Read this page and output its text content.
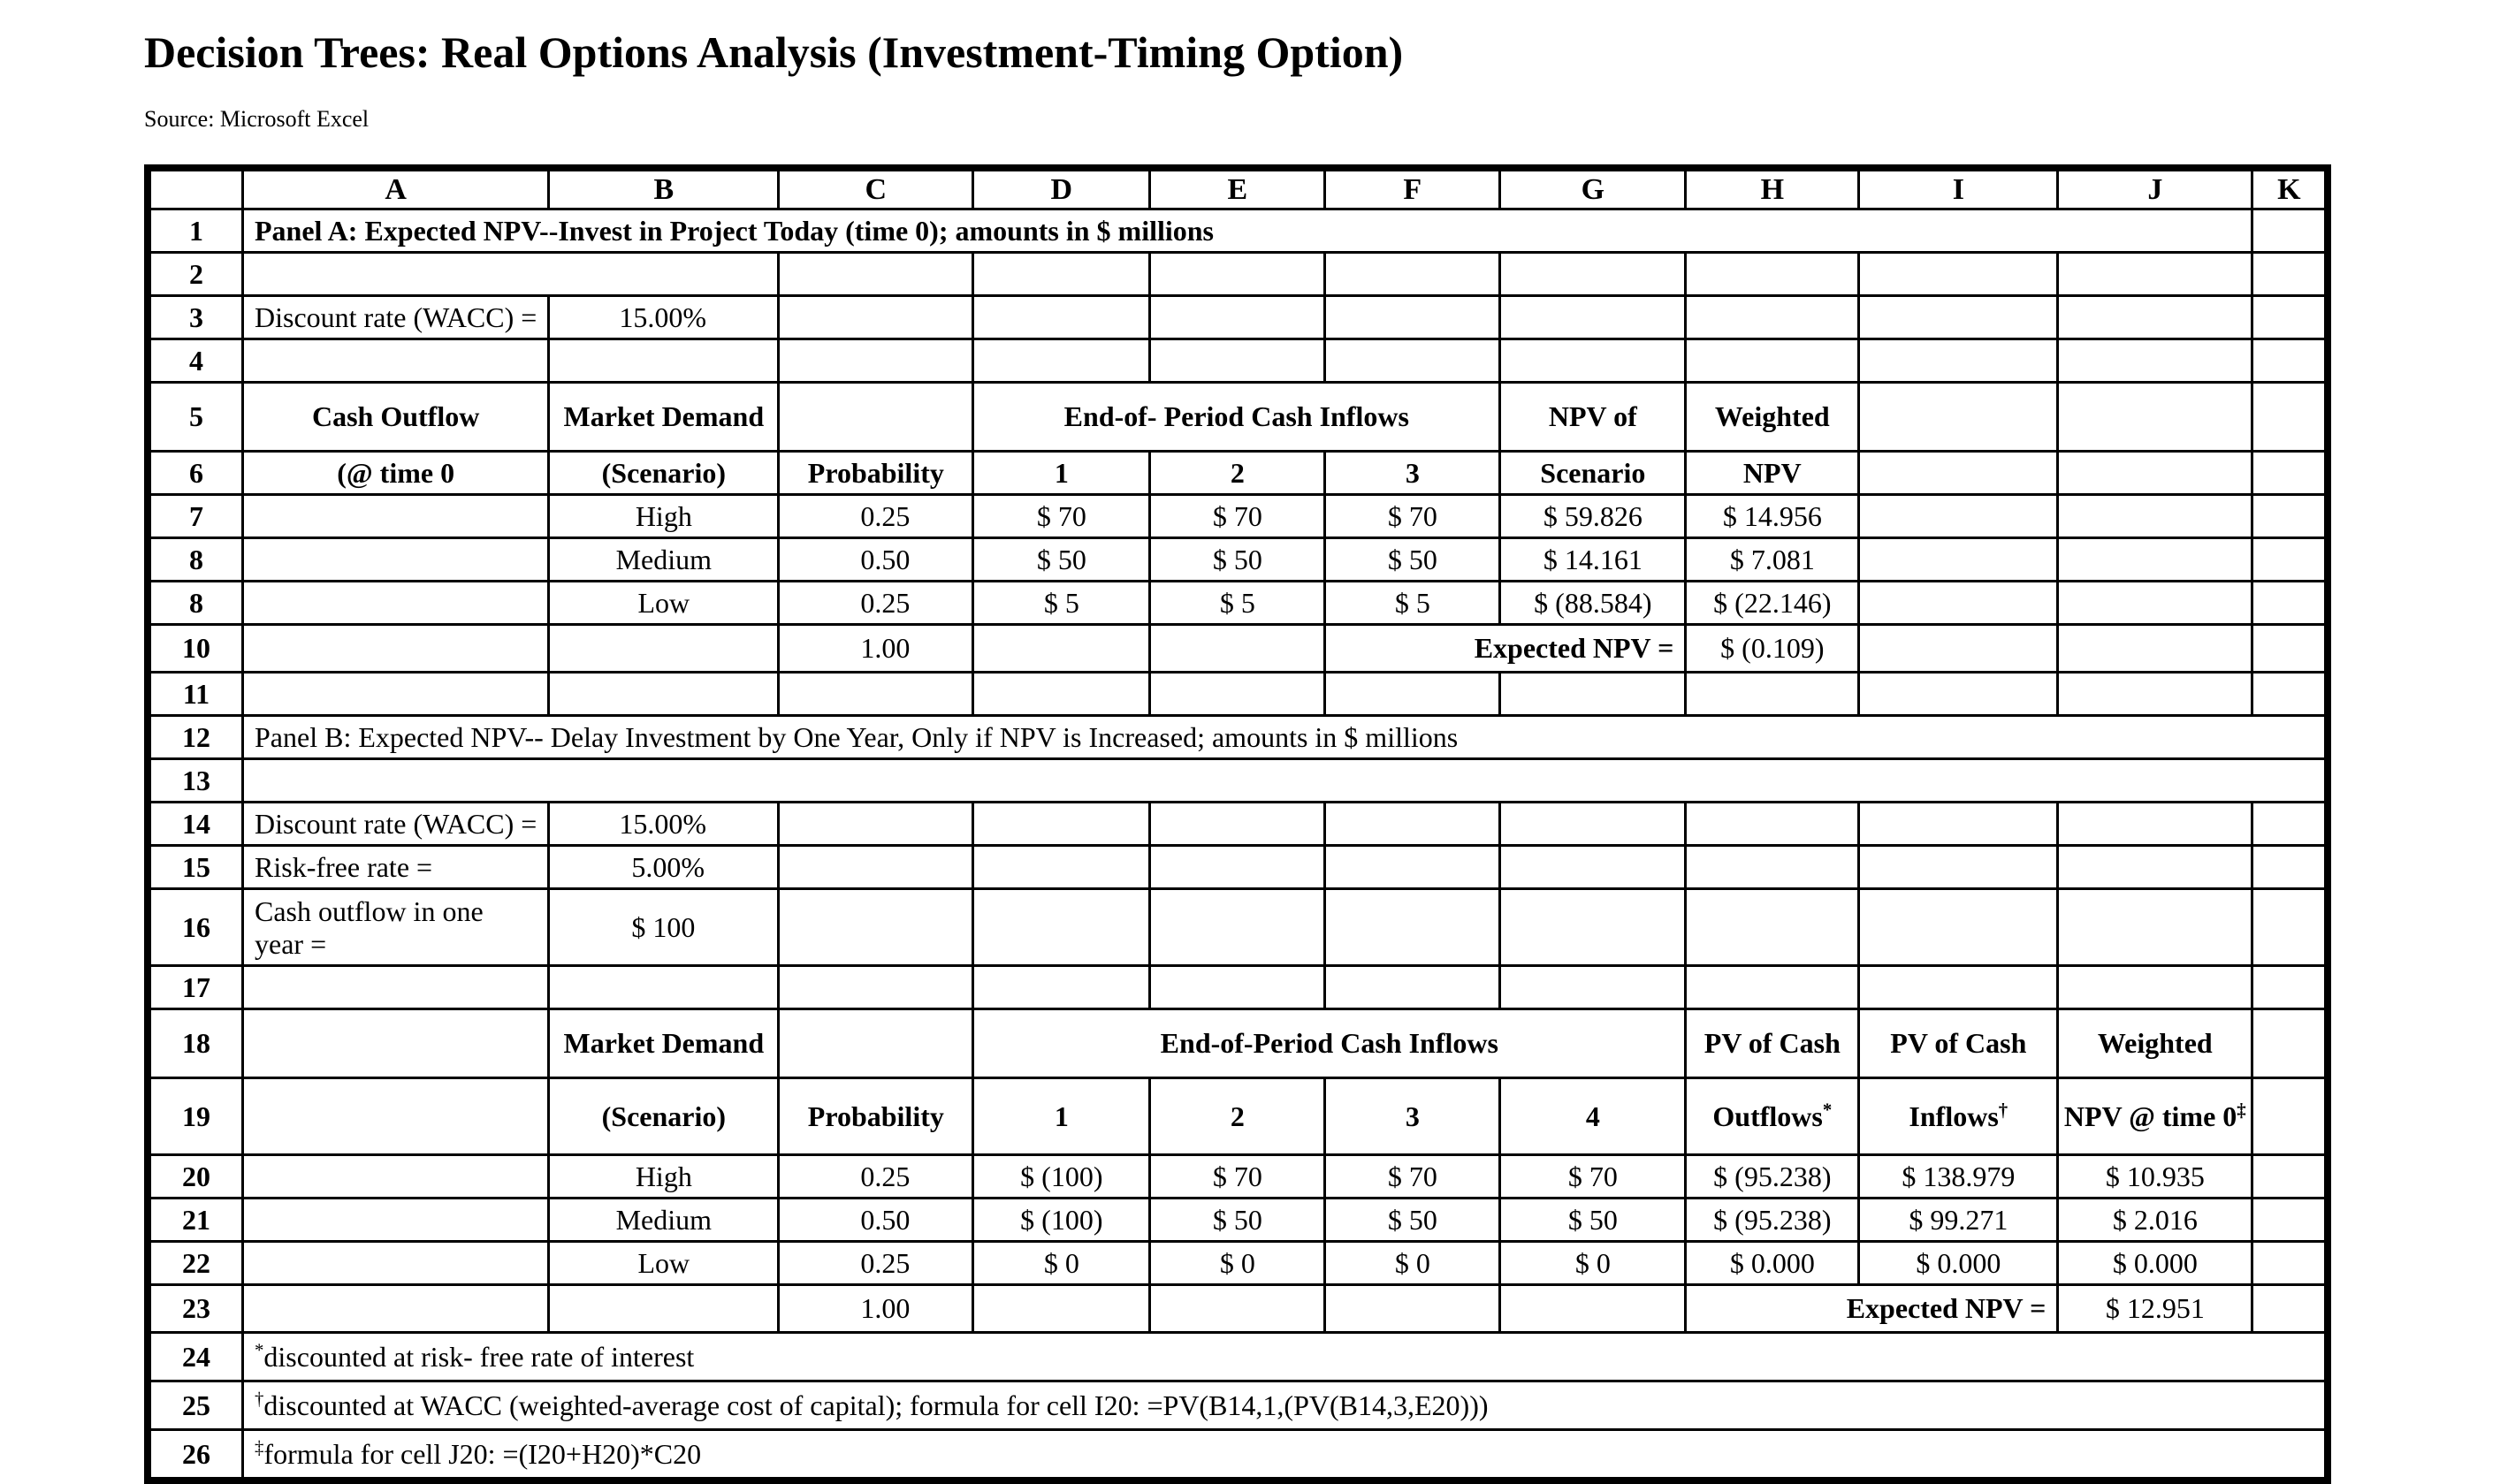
Decision Trees: Real Options Analysis (Investment-Timing Option)
Source: Microsoft Excel
	A	B	C	D	E	F	G	H	I	J	K
1	Panel A: Expected NPV--Invest in Project Today (time 0); amounts in $ millions										
2											
3	Discount rate (WACC) =	15.00%									
4											
5	Cash Outflow	Market Demand		End-of- Period Cash Inflows			NPV of	Weighted			
6	(@ time 0	(Scenario)	Probability	1	2	3	Scenario	NPV			
7		High	0.25	$ 70	$ 70	$ 70	$ 59.826	$ 14.956			
8		Medium	0.50	$ 50	$ 50	$ 50	$ 14.161	$ 7.081			
8		Low	0.25	$ 5	$ 5	$ 5	$ (88.584)	$ (22.146)			
10			1.00			Expected NPV =		$ (0.109)			
11											
12	Panel B: Expected NPV-- Delay Investment by One Year, Only if NPV is Increased; amounts in $ millions										
13											
14	Discount rate (WACC) =	15.00%									
15	Risk-free rate =	5.00%									
16	Cash outflow in one year =	$ 100									
17											
18		Market Demand		End-of-Period Cash Inflows				PV of Cash	PV of Cash	Weighted	
19		(Scenario)	Probability	1	2	3	4	Outflows*	Inflows†	NPV @ time 0‡	
20		High	0.25	$ (100)	$ 70	$ 70	$ 70	$ (95.238)	$ 138.979	$ 10.935	
21		Medium	0.50	$ (100)	$ 50	$ 50	$ 50	$ (95.238)	$ 99.271	$ 2.016	
22		Low	0.25	$ 0	$ 0	$ 0	$ 0	$ 0.000	$ 0.000	$ 0.000	
23			1.00					Expected NPV =		$ 12.951	
24	*discounted at risk- free rate of interest										
25	†discounted at WACC (weighted-average cost of capital); formula for cell I20: =PV(B14,1,(PV(B14,3,E20)))										
26	‡formula for cell J20: =(I20+H20)*C20										
